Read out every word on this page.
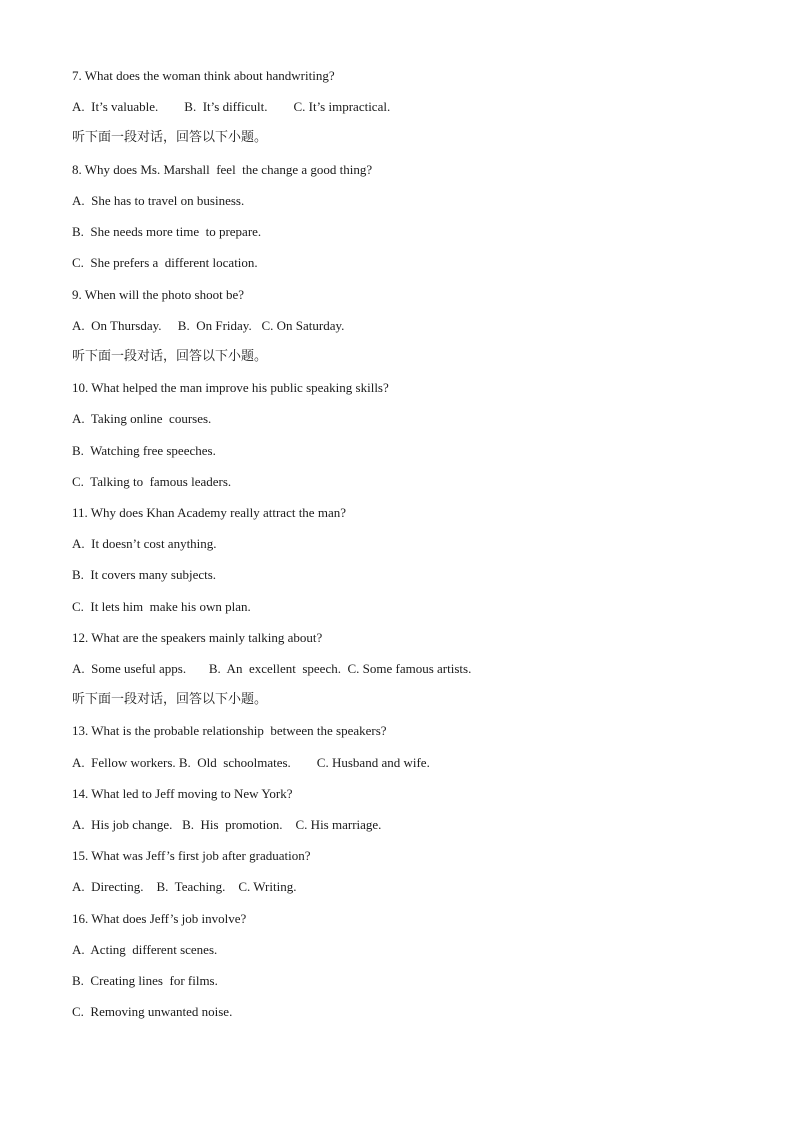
7. What does the woman think about handwriting?

A.  It’s valuable.        B.  It’s difficult.        C. It’s impractical.

听下面一段对话，回答以下小题。

8. Why does Ms. Marshall  feel  the change a good thing?

A.  She has to travel on business.

B.  She needs more time  to prepare.

C.  She prefers a  different location.

9. When will the photo shoot be?

A.  On Thursday.     B.  On Friday.   C. On Saturday.

听下面一段对话，回答以下小题。

10. What helped the man improve his public speaking skills?

A.  Taking online  courses.

B.  Watching free speeches.

C.  Talking to  famous leaders.

11. Why does Khan Academy really attract the man?

A.  It doesn’t cost anything.

B.  It covers many subjects.

C.  It lets him  make his own plan.

12. What are the speakers mainly talking about?

A.  Some useful apps.       B.  An  excellent  speech.  C. Some famous artists.

听下面一段对话，回答以下小题。

13. What is the probable relationship  between the speakers?

A.  Fellow workers. B.  Old  schoolmates.        C. Husband and wife.

14. What led to Jeff moving to New York?

A.  His job change.   B.  His  promotion.    C. His marriage.

15. What was Jeff’s first job after graduation?

A.  Directing.    B.  Teaching.    C. Writing.

16. What does Jeff’s job involve?

A.  Acting  different scenes.

B.  Creating lines  for films.

C.  Removing unwanted noise.
